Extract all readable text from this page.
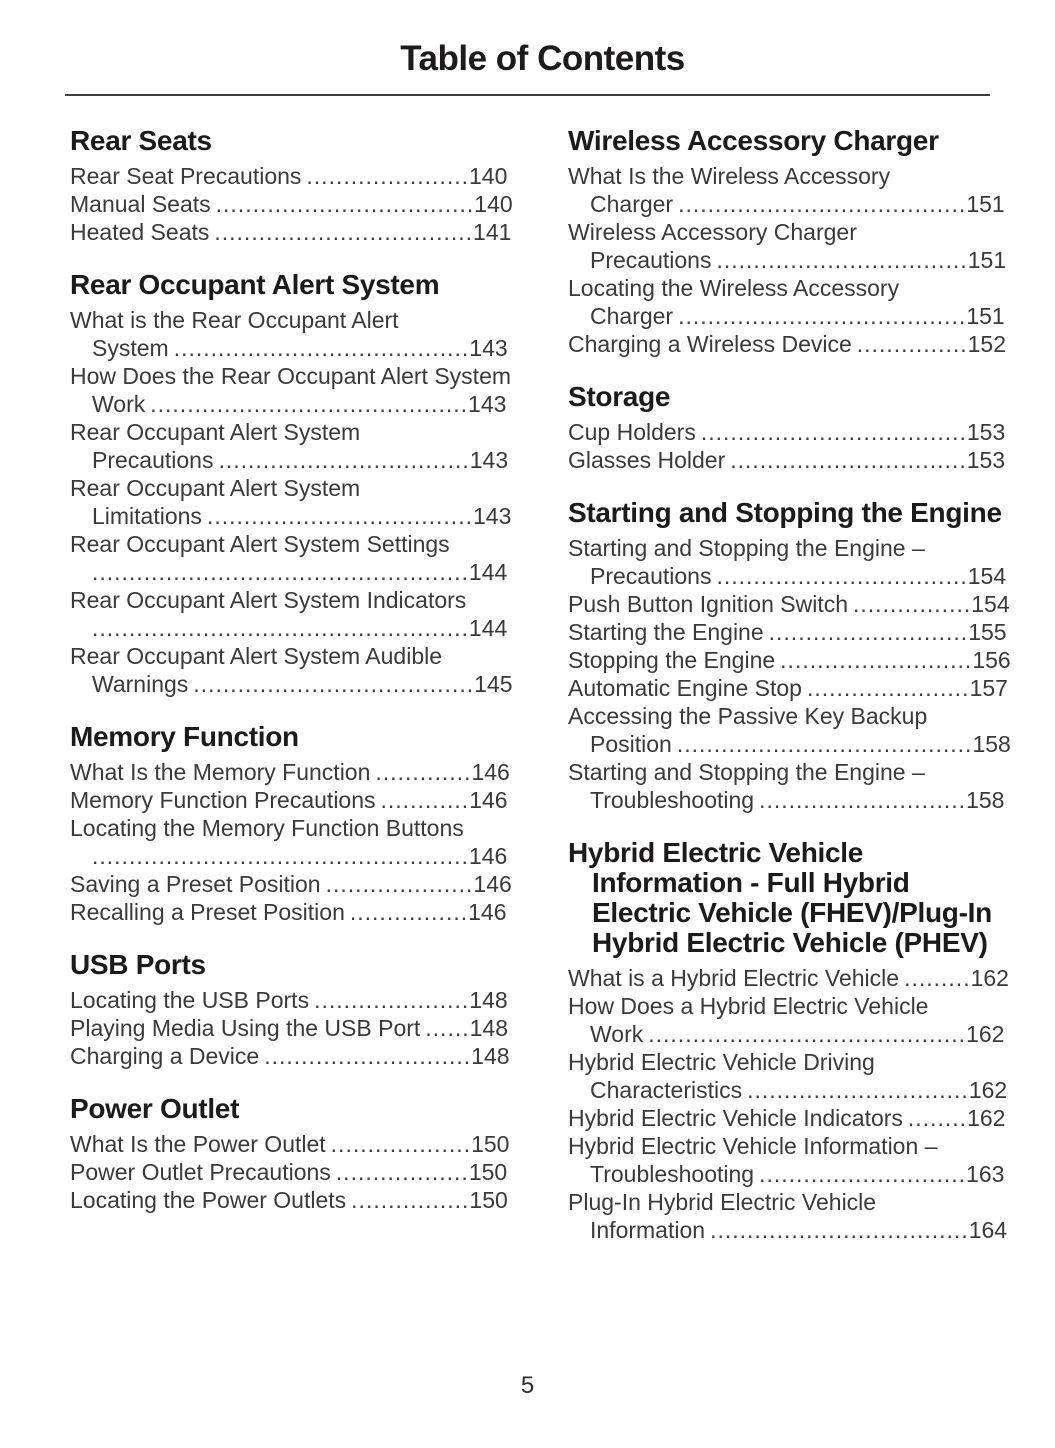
Table of Contents
Rear Seats
Rear Seat Precautions ......................140
Manual Seats ...................................140
Heated Seats ...................................141
Rear Occupant Alert System
What is the Rear Occupant Alert System ........................................143
How Does the Rear Occupant Alert System Work ...........................................143
Rear Occupant Alert System Precautions ..................................143
Rear Occupant Alert System Limitations ....................................143
Rear Occupant Alert System Settings...................................................144
Rear Occupant Alert System Indicators...................................................144
Rear Occupant Alert System Audible Warnings ......................................145
Memory Function
What Is the Memory Function .............146
Memory Function Precautions ............146
Locating the Memory Function Buttons...................................................146
Saving a Preset Position ....................146
Recalling a Preset Position ................146
USB Ports
Locating the USB Ports .....................148
Playing Media Using the USB Port ......148
Charging a Device ............................148
Power Outlet
What Is the Power Outlet ...................150
Power Outlet Precautions ..................150
Locating the Power Outlets ................150
Wireless Accessory Charger
What Is the Wireless Accessory Charger .......................................151
Wireless Accessory Charger Precautions ..................................151
Locating the Wireless Accessory Charger .......................................151
Charging a Wireless Device ...............152
Storage
Cup Holders ....................................153
Glasses Holder ................................153
Starting and Stopping the Engine
Starting and Stopping the Engine – Precautions ..................................154
Push Button Ignition Switch ................154
Starting the Engine ...........................155
Stopping the Engine ..........................156
Automatic Engine Stop ......................157
Accessing the Passive Key Backup Position ........................................158
Starting and Stopping the Engine – Troubleshooting ............................158
Hybrid Electric Vehicle Information - Full Hybrid Electric Vehicle (FHEV)/​Plug-In Hybrid Electric Vehicle (PHEV)
What is a Hybrid Electric Vehicle .........162
How Does a Hybrid Electric Vehicle Work ...........................................162
Hybrid Electric Vehicle Driving Characteristics ..............................162
Hybrid Electric Vehicle Indicators ........162
Hybrid Electric Vehicle Information – Troubleshooting ............................163
Plug-In Hybrid Electric Vehicle Information ...................................164
5
